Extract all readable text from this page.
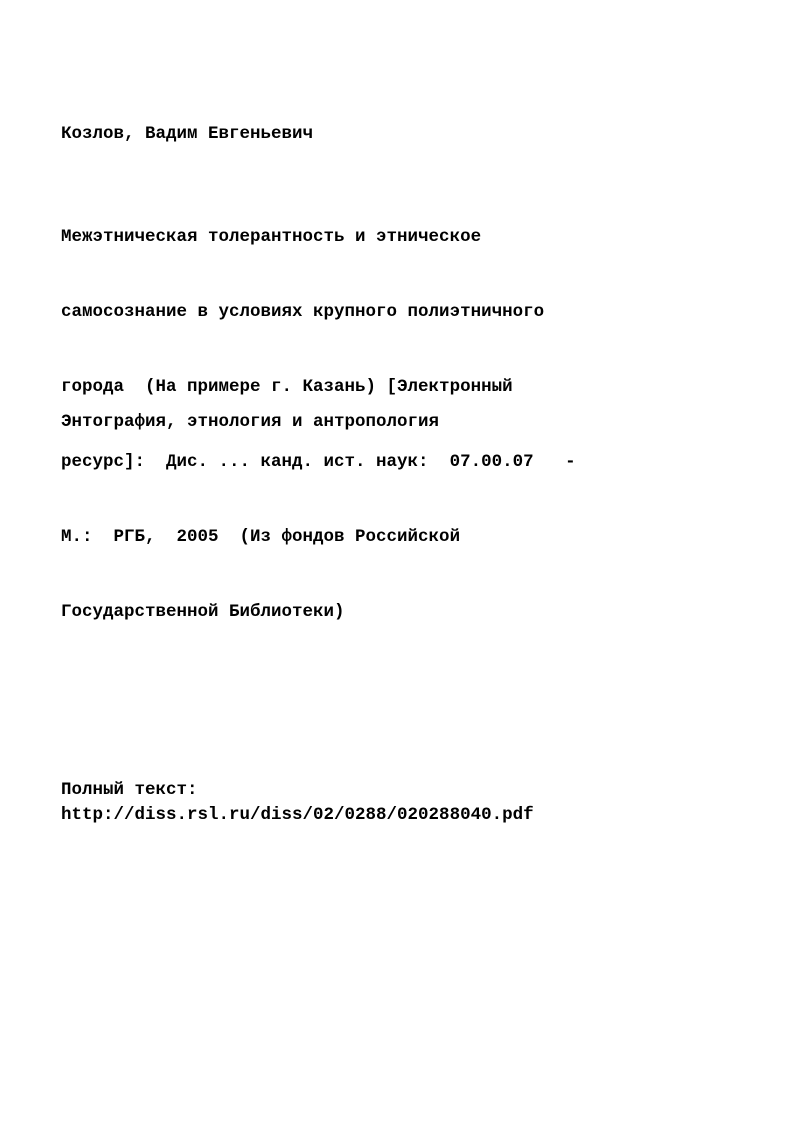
Козлов, Вадим Евгеньевич

Межэтническая толерантность и этническое

самосознание в условиях крупного полиэтничного

города  (На примере г. Казань) [Электронный

ресурс]:  Дис. ... канд. ист. наук:  07.00.07   -

М.:  РГБ,  2005  (Из фондов Российской

Государственной Библиотеки)

Энтография, этнология и антропология

Полный текст:

http://diss.rsl.ru/diss/02/0288/020288040.pdf
